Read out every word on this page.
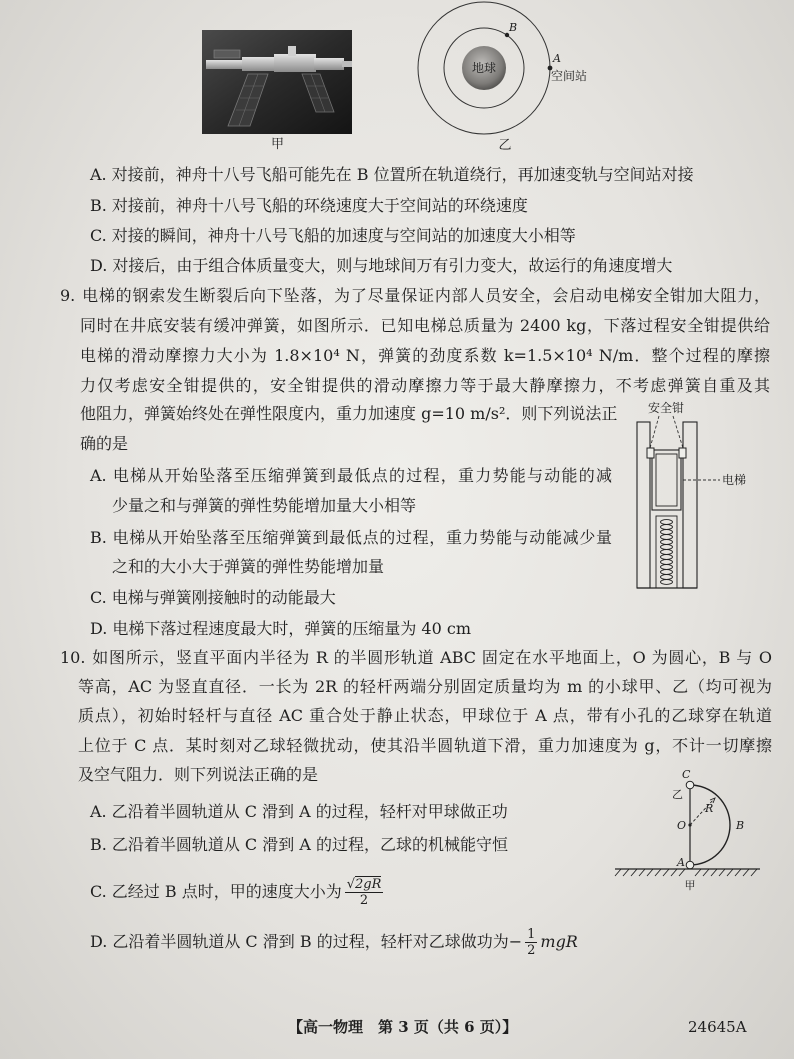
甲
地球
B
A
空间站
乙
A. 对接前，神舟十八号飞船可能先在 B 位置所在轨道绕行，再加速变轨与空间站对接
B. 对接前，神舟十八号飞船的环绕速度大于空间站的环绕速度
C. 对接的瞬间，神舟十八号飞船的加速度与空间站的加速度大小相等
D. 对接后，由于组合体质量变大，则与地球间万有引力变大，故运行的角速度增大
9. 电梯的钢索发生断裂后向下坠落，为了尽量保证内部人员安全，会启动电梯安全钳加大阻力，
同时在井底安装有缓冲弹簧，如图所示．已知电梯总质量为 2400 kg，下落过程安全钳提供给
电梯的滑动摩擦力大小为 1.8×10⁴ N，弹簧的劲度系数 k=1.5×10⁴ N/m．整个过程的摩擦
力仅考虑安全钳提供的，安全钳提供的滑动摩擦力等于最大静摩擦力，不考虑弹簧自重及其
他阻力，弹簧始终处在弹性限度内，重力加速度 g=10 m/s²．则下列说法正
确的是
A. 电梯从开始坠落至压缩弹簧到最低点的过程，重力势能与动能的减
少量之和与弹簧的弹性势能增加量大小相等
B. 电梯从开始坠落至压缩弹簧到最低点的过程，重力势能与动能减少量
之和的大小大于弹簧的弹性势能增加量
C. 电梯与弹簧刚接触时的动能最大
D. 电梯下落过程速度最大时，弹簧的压缩量为 40 cm
安全钳
电梯
10. 如图所示，竖直平面内半径为 R 的半圆形轨道 ABC 固定在水平地面上，O 为圆心，B 与 O
等高，AC 为竖直直径．一长为 2R 的轻杆两端分别固定质量均为 m 的小球甲、乙（均可视为
质点），初始时轻杆与直径 AC 重合处于静止状态，甲球位于 A 点，带有小孔的乙球穿在轨道
上位于 C 点．某时刻对乙球轻微扰动，使其沿半圆轨道下滑，重力加速度为 g，不计一切摩擦
及空气阻力．则下列说法正确的是
A. 乙沿着半圆轨道从 C 滑到 A 的过程，轻杆对甲球做正功
B. 乙沿着半圆轨道从 C 滑到 A 的过程，乙球的机械能守恒
C. 乙经过 B 点时，甲的速度大小为 $\frac{√2gR}{2}$
D. 乙沿着半圆轨道从 C 滑到 B 的过程，轻杆对乙球做功为− $\frac{1}{2}$ mgR
C
乙
R
O	B
A
甲
【高一物理　第 3 页（共 6 页）】	24645A
